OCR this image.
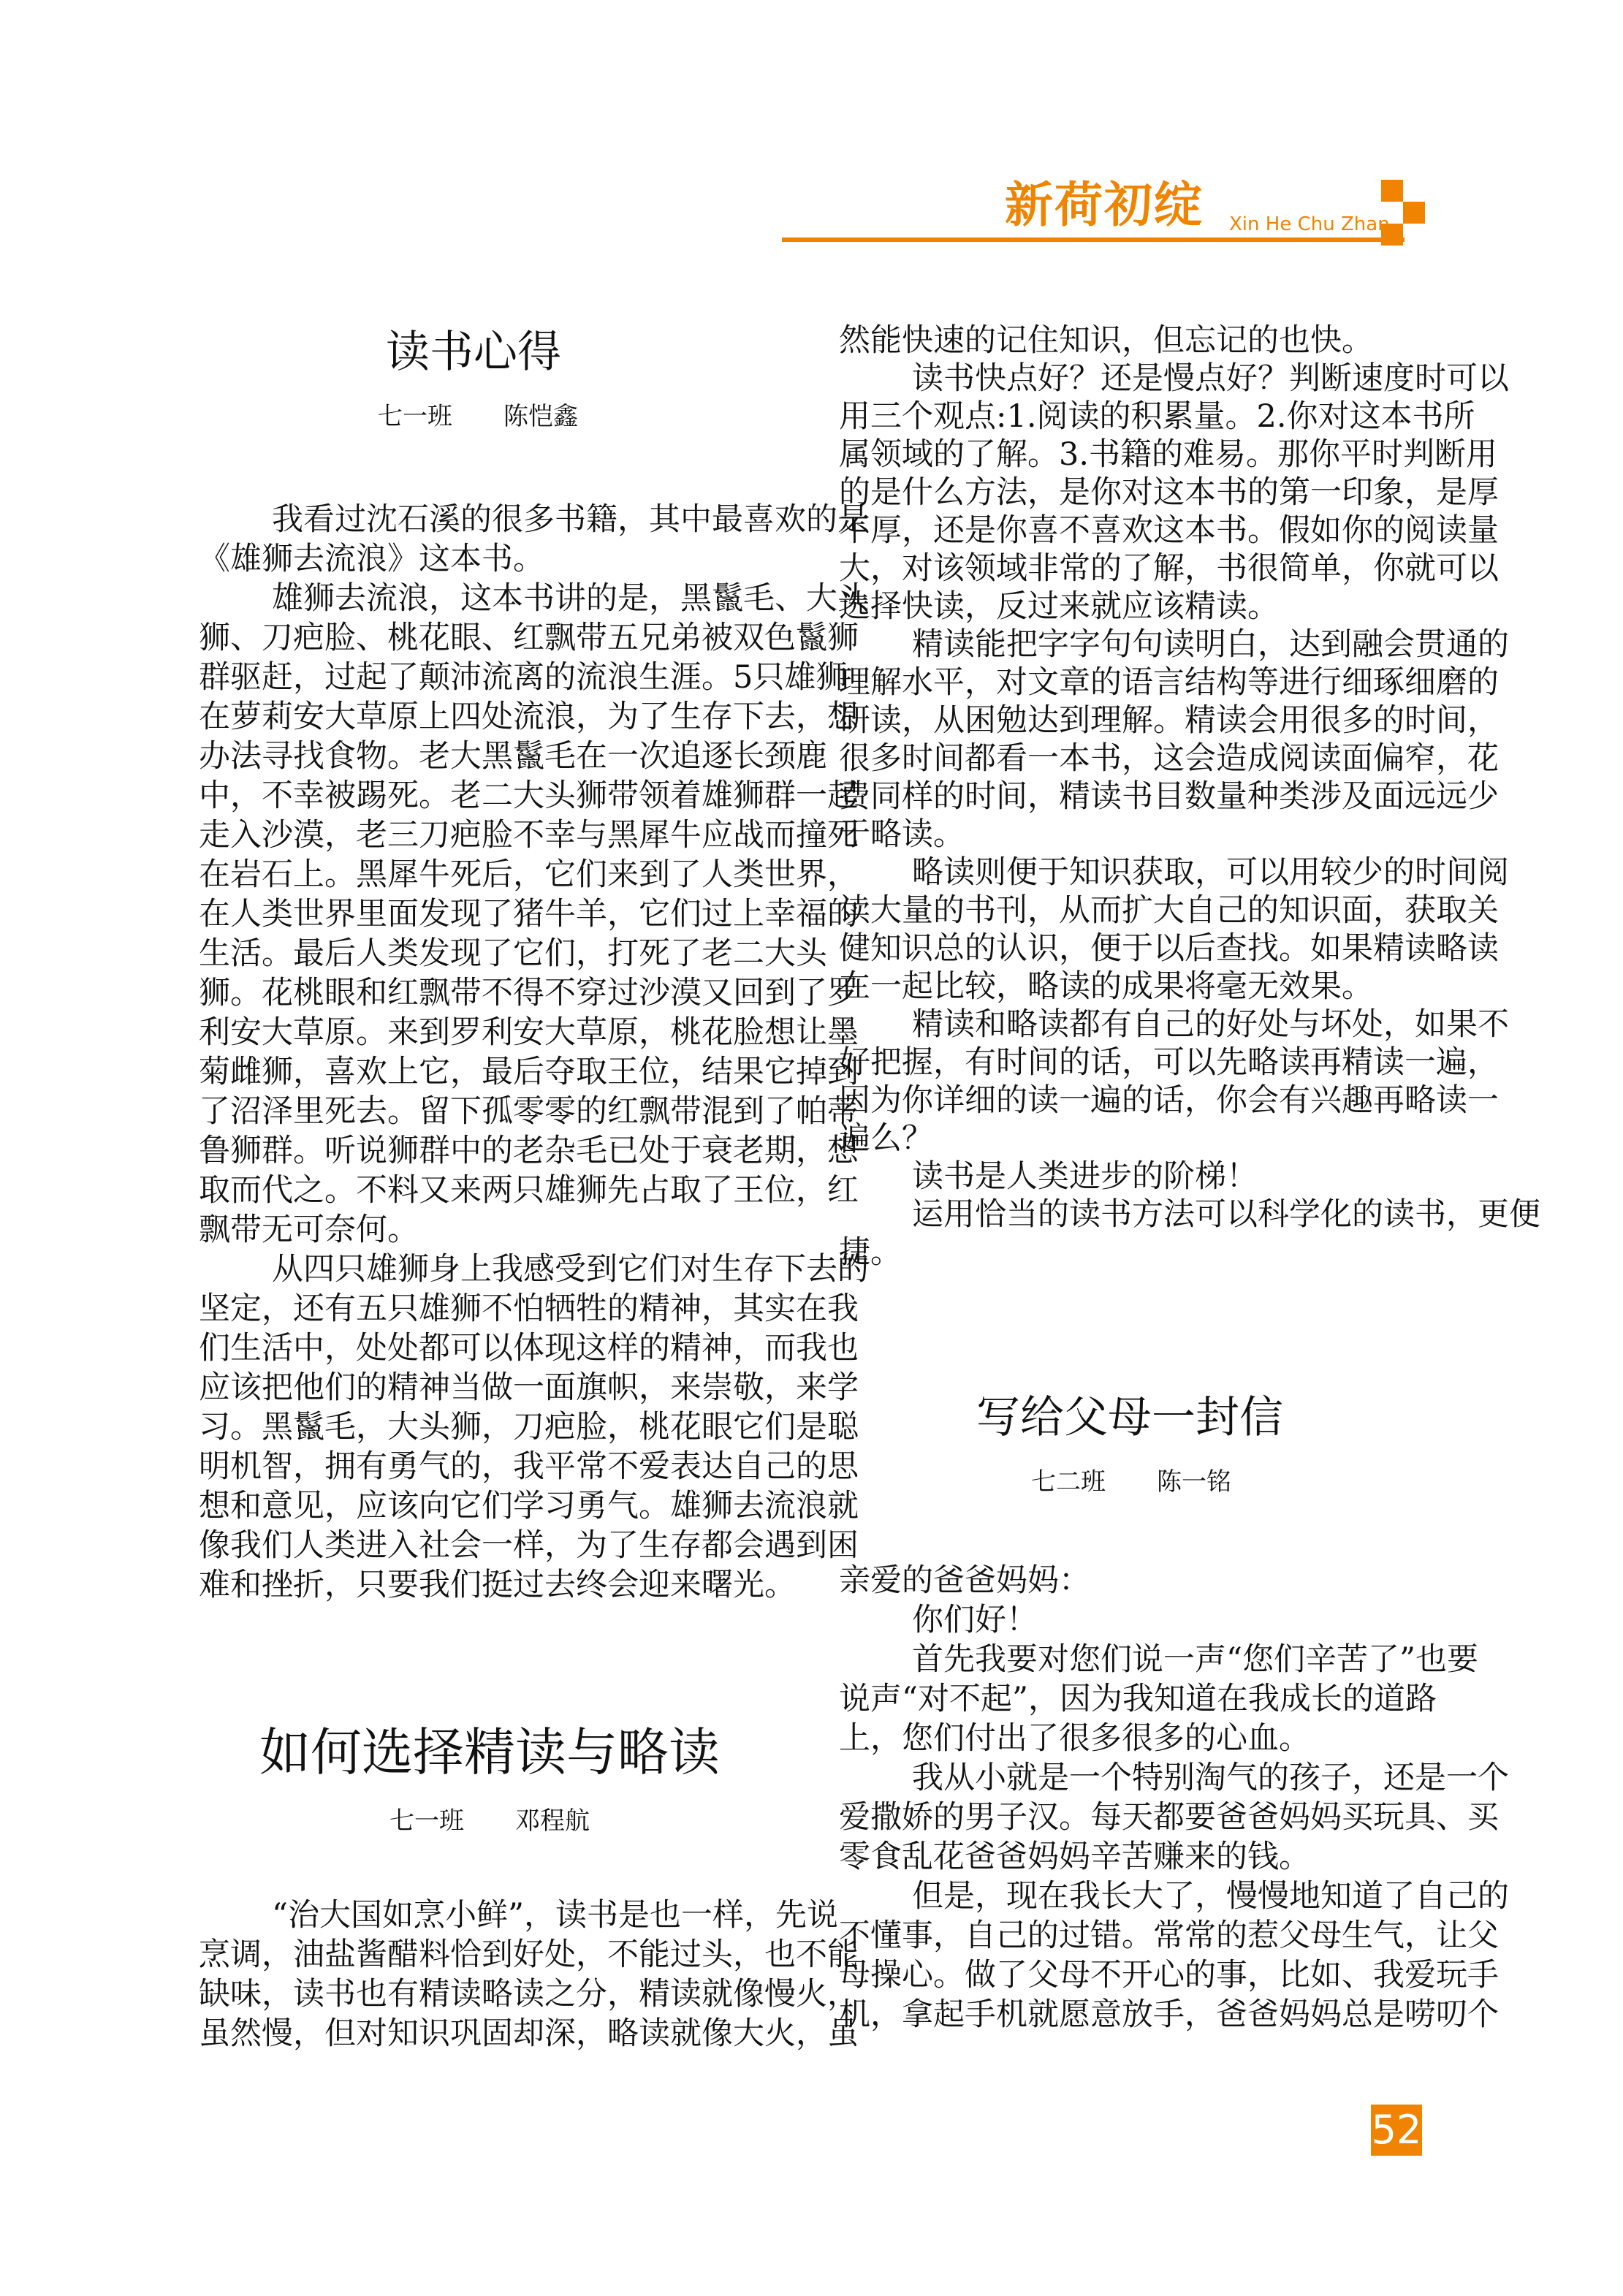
新荷初绽 Xin He Chu Zhan
读书心得
七一班 陈恺鑫
我看过沈石溪的很多书籍，其中最喜欢的是
《雄狮去流浪》这本书。
雄狮去流浪，这本书讲的是，黑鬣毛、大头
狮、刀疤脸、桃花眼、红飘带五兄弟被双色鬣狮
群驱赶，过起了颠沛流离的流浪生涯。5只雄狮
在萝莉安大草原上四处流浪，为了生存下去，想
办法寻找食物。老大黑鬣毛在一次追逐长颈鹿
中，不幸被踢死。老二大头狮带领着雄狮群一起
走入沙漠，老三刀疤脸不幸与黑犀牛应战而撞死
在岩石上。黑犀牛死后，它们来到了人类世界，
在人类世界里面发现了猪牛羊，它们过上幸福的
生活。最后人类发现了它们，打死了老二大头
狮。花桃眼和红飘带不得不穿过沙漠又回到了罗
利安大草原。来到罗利安大草原，桃花脸想让墨
菊雌狮，喜欢上它，最后夺取王位，结果它掉到
了沼泽里死去。留下孤零零的红飘带混到了帕蒂
鲁狮群。听说狮群中的老杂毛已处于衰老期，想
取而代之。不料又来两只雄狮先占取了王位，红
飘带无可奈何。
从四只雄狮身上我感受到它们对生存下去的
坚定，还有五只雄狮不怕牺牲的精神，其实在我
们生活中，处处都可以体现这样的精神，而我也
应该把他们的精神当做一面旗帜，来崇敬，来学
习。黑鬣毛，大头狮，刀疤脸，桃花眼它们是聪
明机智，拥有勇气的，我平常不爱表达自己的思
想和意见，应该向它们学习勇气。雄狮去流浪就
像我们人类进入社会一样，为了生存都会遇到困
难和挫折，只要我们挺过去终会迎来曙光。
如何选择精读与略读
七一班 邓程航
“治大国如烹小鲜”，读书是也一样，先说
烹调，油盐酱醋料恰到好处，不能过头，也不能
缺味，读书也有精读略读之分，精读就像慢火，
虽然慢，但对知识巩固却深，略读就像大火，虽
然能快速的记住知识，但忘记的也快。
读书快点好？还是慢点好？判断速度时可以
用三个观点:1.阅读的积累量。2.你对这本书所
属领域的了解。3.书籍的难易。那你平时判断用
的是什么方法，是你对这本书的第一印象，是厚
不厚，还是你喜不喜欢这本书。假如你的阅读量
大，对该领域非常的了解，书很简单，你就可以
选择快读，反过来就应该精读。
精读能把字字句句读明白，达到融会贯通的
理解水平，对文章的语言结构等进行细琢细磨的
研读，从困勉达到理解。精读会用很多的时间，
很多时间都看一本书，这会造成阅读面偏窄，花
费同样的时间，精读书目数量种类涉及面远远少
于略读。
略读则便于知识获取，可以用较少的时间阅
读大量的书刊，从而扩大自己的知识面，获取关
健知识总的认识，便于以后查找。如果精读略读
在一起比较，略读的成果将毫无效果。
精读和略读都有自己的好处与坏处，如果不
好把握，有时间的话，可以先略读再精读一遍，
因为你详细的读一遍的话，你会有兴趣再略读一
遍么？
读书是人类进步的阶梯！
运用恰当的读书方法可以科学化的读书，更便
捷。
写给父母一封信
七二班 陈一铭
亲爱的爸爸妈妈：
你们好！
首先我要对您们说一声“您们辛苦了”也要
说声“对不起”，因为我知道在我成长的道路
上，您们付出了很多很多的心血。
我从小就是一个特别淘气的孩子，还是一个
爱撒娇的男子汉。每天都要爸爸妈妈买玩具、买
零食乱花爸爸妈妈辛苦赚来的钱。
但是，现在我长大了，慢慢地知道了自己的
不懂事，自己的过错。常常的惹父母生气，让父
母操心。做了父母不开心的事，比如、我爱玩手
机，拿起手机就愿意放手，爸爸妈妈总是唠叨个
52
